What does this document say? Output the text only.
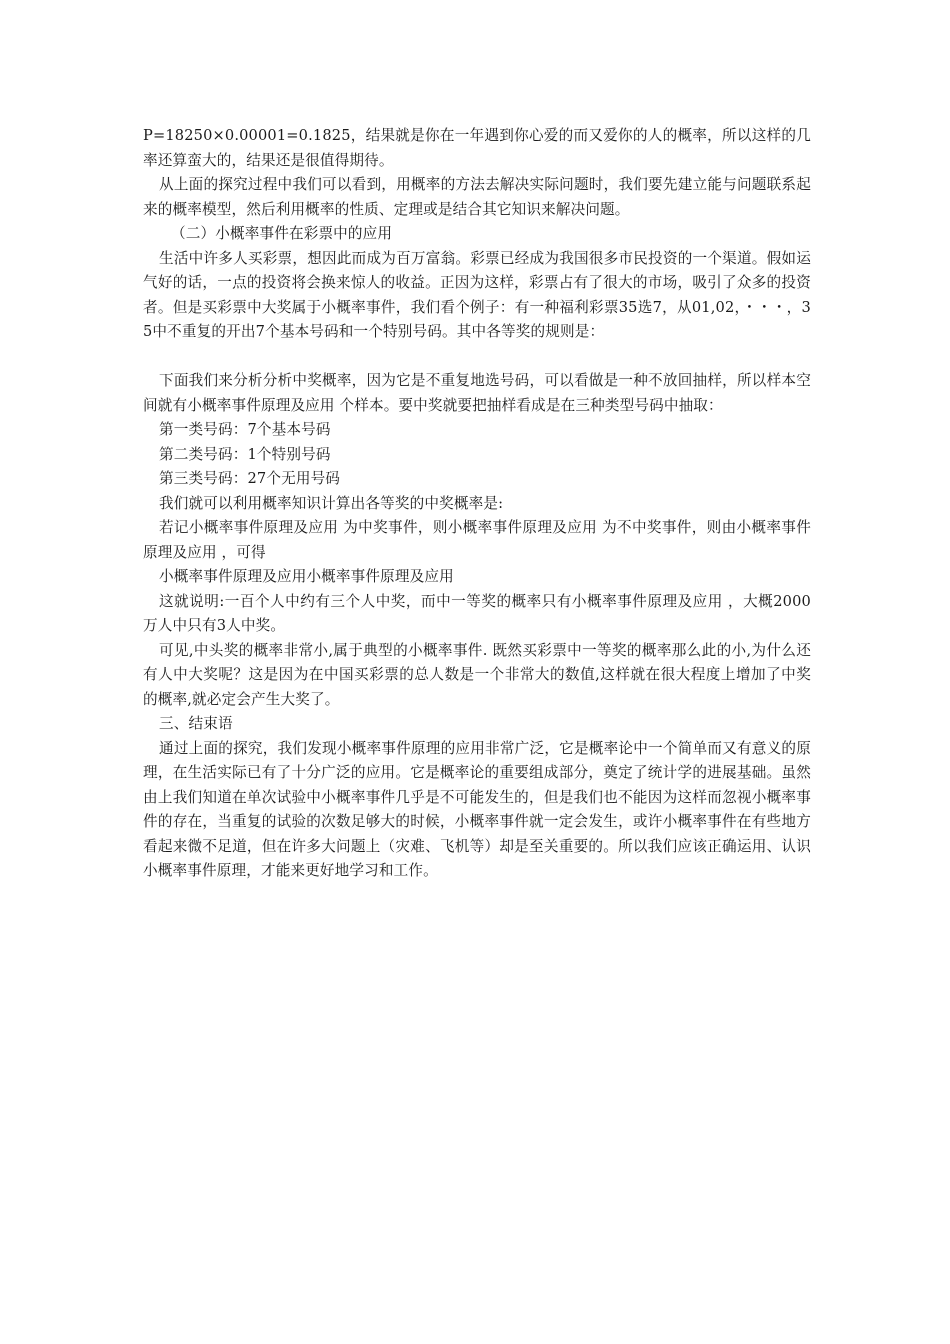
P=18250×0.00001=0.1825，结果就是你在一年遇到你心爱的而又爱你的人的概率，所以这样的几率还算蛮大的，结果还是很值得期待。

从上面的探究过程中我们可以看到，用概率的方法去解决实际问题时，我们要先建立能与问题联系起来的概率模型，然后利用概率的性质、定理或是结合其它知识来解决问题。

（二）小概率事件在彩票中的应用

生活中许多人买彩票，想因此而成为百万富翁。彩票已经成为我国很多市民投资的一个渠道。假如运气好的话，一点的投资将会换来惊人的收益。正因为这样，彩票占有了很大的市场，吸引了众多的投资者。但是买彩票中大奖属于小概率事件，我们看个例子：有一种福利彩票35选7，从01,02，・・・，35中不重复的开出7个基本号码和一个特别号码。其中各等奖的规则是：

下面我们来分析分析中奖概率，因为它是不重复地选号码，可以看做是一种不放回抽样，所以样本空间就有小概率事件原理及应用 个样本。要中奖就要把抽样看成是在三种类型号码中抽取：

第一类号码：7个基本号码

第二类号码：1个特别号码

第三类号码：27个无用号码

我们就可以利用概率知识计算出各等奖的中奖概率是:

若记小概率事件原理及应用 为中奖事件，则小概率事件原理及应用 为不中奖事件，则由小概率事件原理及应用 ，可得

小概率事件原理及应用小概率事件原理及应用

这就说明:一百个人中约有三个人中奖，而中一等奖的概率只有小概率事件原理及应用 ，大概2000万人中只有3人中奖。

可见,中头奖的概率非常小,属于典型的小概率事件. 既然买彩票中一等奖的概率那么此的小,为什么还有人中大奖呢？这是因为在中国买彩票的总人数是一个非常大的数值,这样就在很大程度上增加了中奖的概率,就必定会产生大奖了。

三、结束语

通过上面的探究，我们发现小概率事件原理的应用非常广泛，它是概率论中一个简单而又有意义的原理，在生活实际已有了十分广泛的应用。它是概率论的重要组成部分，奠定了统计学的进展基础。虽然由上我们知道在单次试验中小概率事件几乎是不可能发生的，但是我们也不能因为这样而忽视小概率事件的存在，当重复的试验的次数足够大的时候，小概率事件就一定会发生，或许小概率事件在有些地方看起来微不足道，但在许多大问题上（灾难、飞机等）却是至关重要的。所以我们应该正确运用、认识小概率事件原理，才能来更好地学习和工作。
